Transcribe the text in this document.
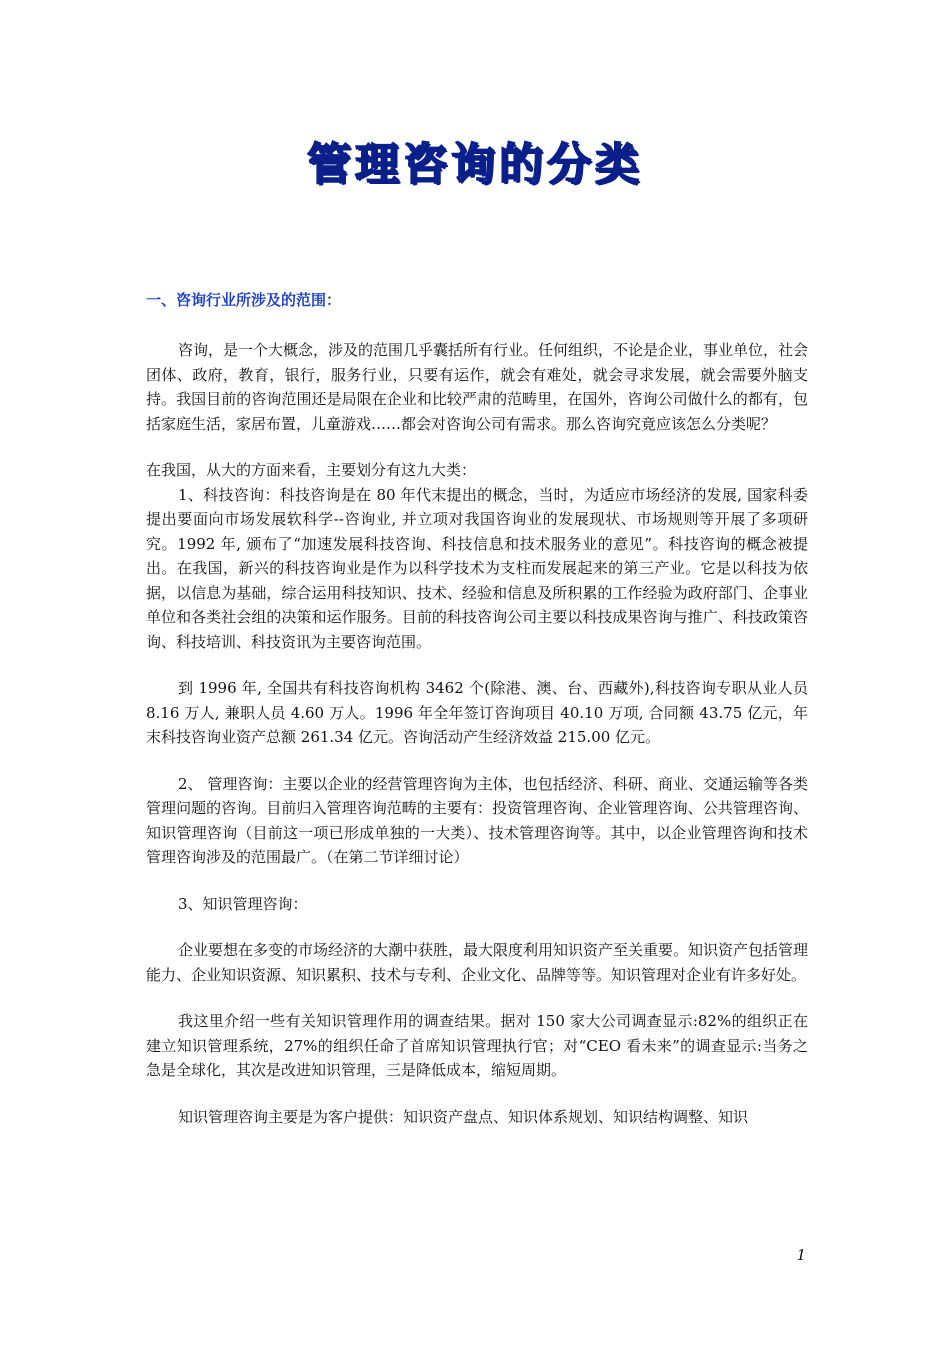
管理咨询的分类
一、咨询行业所涉及的范围：

咨询，是一个大概念，涉及的范围几乎囊括所有行业。任何组织，不论是企业，事业单位，社会团体、政府，教育，银行，服务行业，只要有运作，就会有难处，就会寻求发展，就会需要外脑支持。我国目前的咨询范围还是局限在企业和比较严肃的范畴里，在国外，咨询公司做什么的都有，包括家庭生活，家居布置，儿童游戏……都会对咨询公司有需求。那么咨询究竟应该怎么分类呢？

在我国，从大的方面来看，主要划分有这九大类：

1、科技咨询：科技咨询是在 80 年代末提出的概念，当时，为适应市场经济的发展, 国家科委提出要面向市场发展软科学--咨询业, 并立项对我国咨询业的发展现状、市场规则等开展了多项研究。1992 年, 颁布了“加速发展科技咨询、科技信息和技术服务业的意见”。科技咨询的概念被提出。在我国，新兴的科技咨询业是作为以科学技术为支柱而发展起来的第三产业。它是以科技为依据，以信息为基础，综合运用科技知识、技术、经验和信息及所积累的工作经验为政府部门、企事业单位和各类社会组的决策和运作服务。目前的科技咨询公司主要以科技成果咨询与推广、科技政策咨询、科技培训、科技资讯为主要咨询范围。

到 1996 年, 全国共有科技咨询机构 3462 个(除港、澳、台、西藏外),科技咨询专职从业人员 8.16 万人, 兼职人员 4.60 万人。1996 年全年签订咨询项目 40.10 万项, 合同额 43.75 亿元，年末科技咨询业资产总额 261.34 亿元。咨询活动产生经济效益 215.00 亿元。

2、 管理咨询：主要以企业的经营管理咨询为主体，也包括经济、科研、商业、交通运输等各类管理问题的咨询。目前归入管理咨询范畴的主要有：投资管理咨询、企业管理咨询、公共管理咨询、知识管理咨询（目前这一项已形成单独的一大类）、技术管理咨询等。其中，以企业管理咨询和技术管理咨询涉及的范围最广。（在第二节详细讨论）

3、知识管理咨询：

企业要想在多变的市场经济的大潮中获胜，最大限度利用知识资产至关重要。知识资产包括管理能力、企业知识资源、知识累积、技术与专利、企业文化、品牌等等。知识管理对企业有许多好处。

我这里介绍一些有关知识管理作用的调查结果。据对 150 家大公司调查显示:82%的组织正在建立知识管理系统，27%的组织任命了首席知识管理执行官；对“CEO 看未来”的调查显示:当务之急是全球化，其次是改进知识管理，三是降低成本，缩短周期。

知识管理咨询主要是为客户提供：知识资产盘点、知识体系规划、知识结构调整、知识

1
